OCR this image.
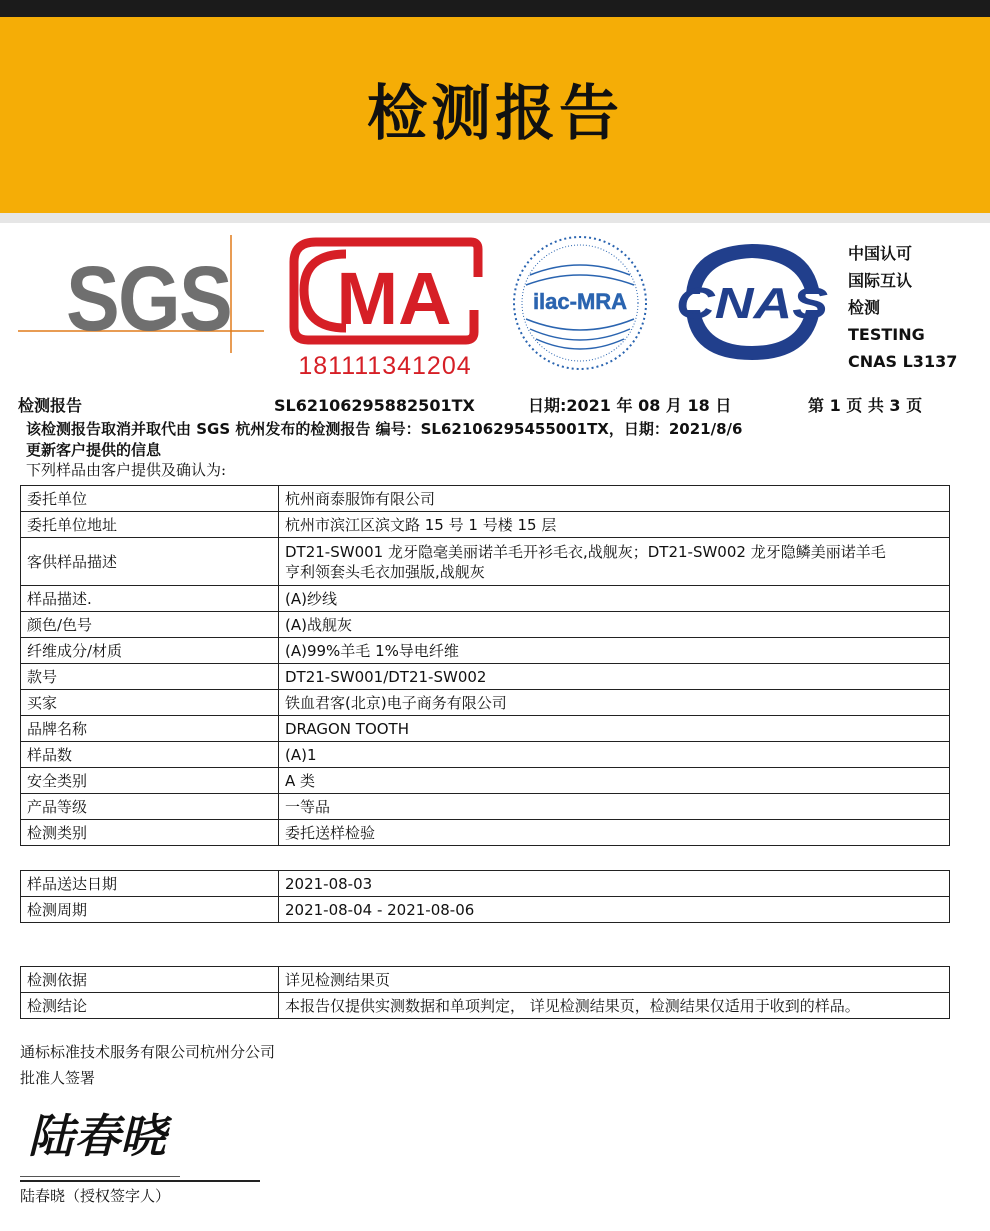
检测报告
SGS MA
181111341204
ilac-MRA CNAS
中国认可
国际互认
检测
TESTING
CNAS L3137
检测报告	SL62106295882501TX	日期:2021 年 08 月 18 日	第 1 页 共 3 页
该检测报告取消并取代由 SGS 杭州发布的检测报告 编号：SL62106295455001TX，日期：2021/8/6
更新客户提供的信息
下列样品由客户提供及确认为:
委托单位	杭州商泰服饰有限公司
委托单位地址	杭州市滨江区滨文路 15 号 1 号楼 15 层
客供样品描述	DT21-SW001 龙牙隐毫美丽诺羊毛开衫毛衣,战舰灰；DT21-SW002 龙牙隐鳞美丽诺羊毛
亨利领套头毛衣加强版,战舰灰

样品描述.	(A)纱线
颜色/色号	(A)战舰灰
纤维成分/材质	(A)99%羊毛 1%导电纤维
款号	DT21-SW001/DT21-SW002
买家	铁血君客(北京)电子商务有限公司
品牌名称	DRAGON TOOTH
样品数	(A)1
安全类别	A 类
产品等级	一等品
检测类别	委托送样检验
样品送达日期	2021-08-03
检测周期	2021-08-04 - 2021-08-06
检测依据	详见检测结果页
检测结论	本报告仅提供实测数据和单项判定， 详见检测结果页，检测结果仅适用于收到的样品。
通标标准技术服务有限公司杭州分公司
批准人签署
陆春晓
陆春晓（授权签字人）
